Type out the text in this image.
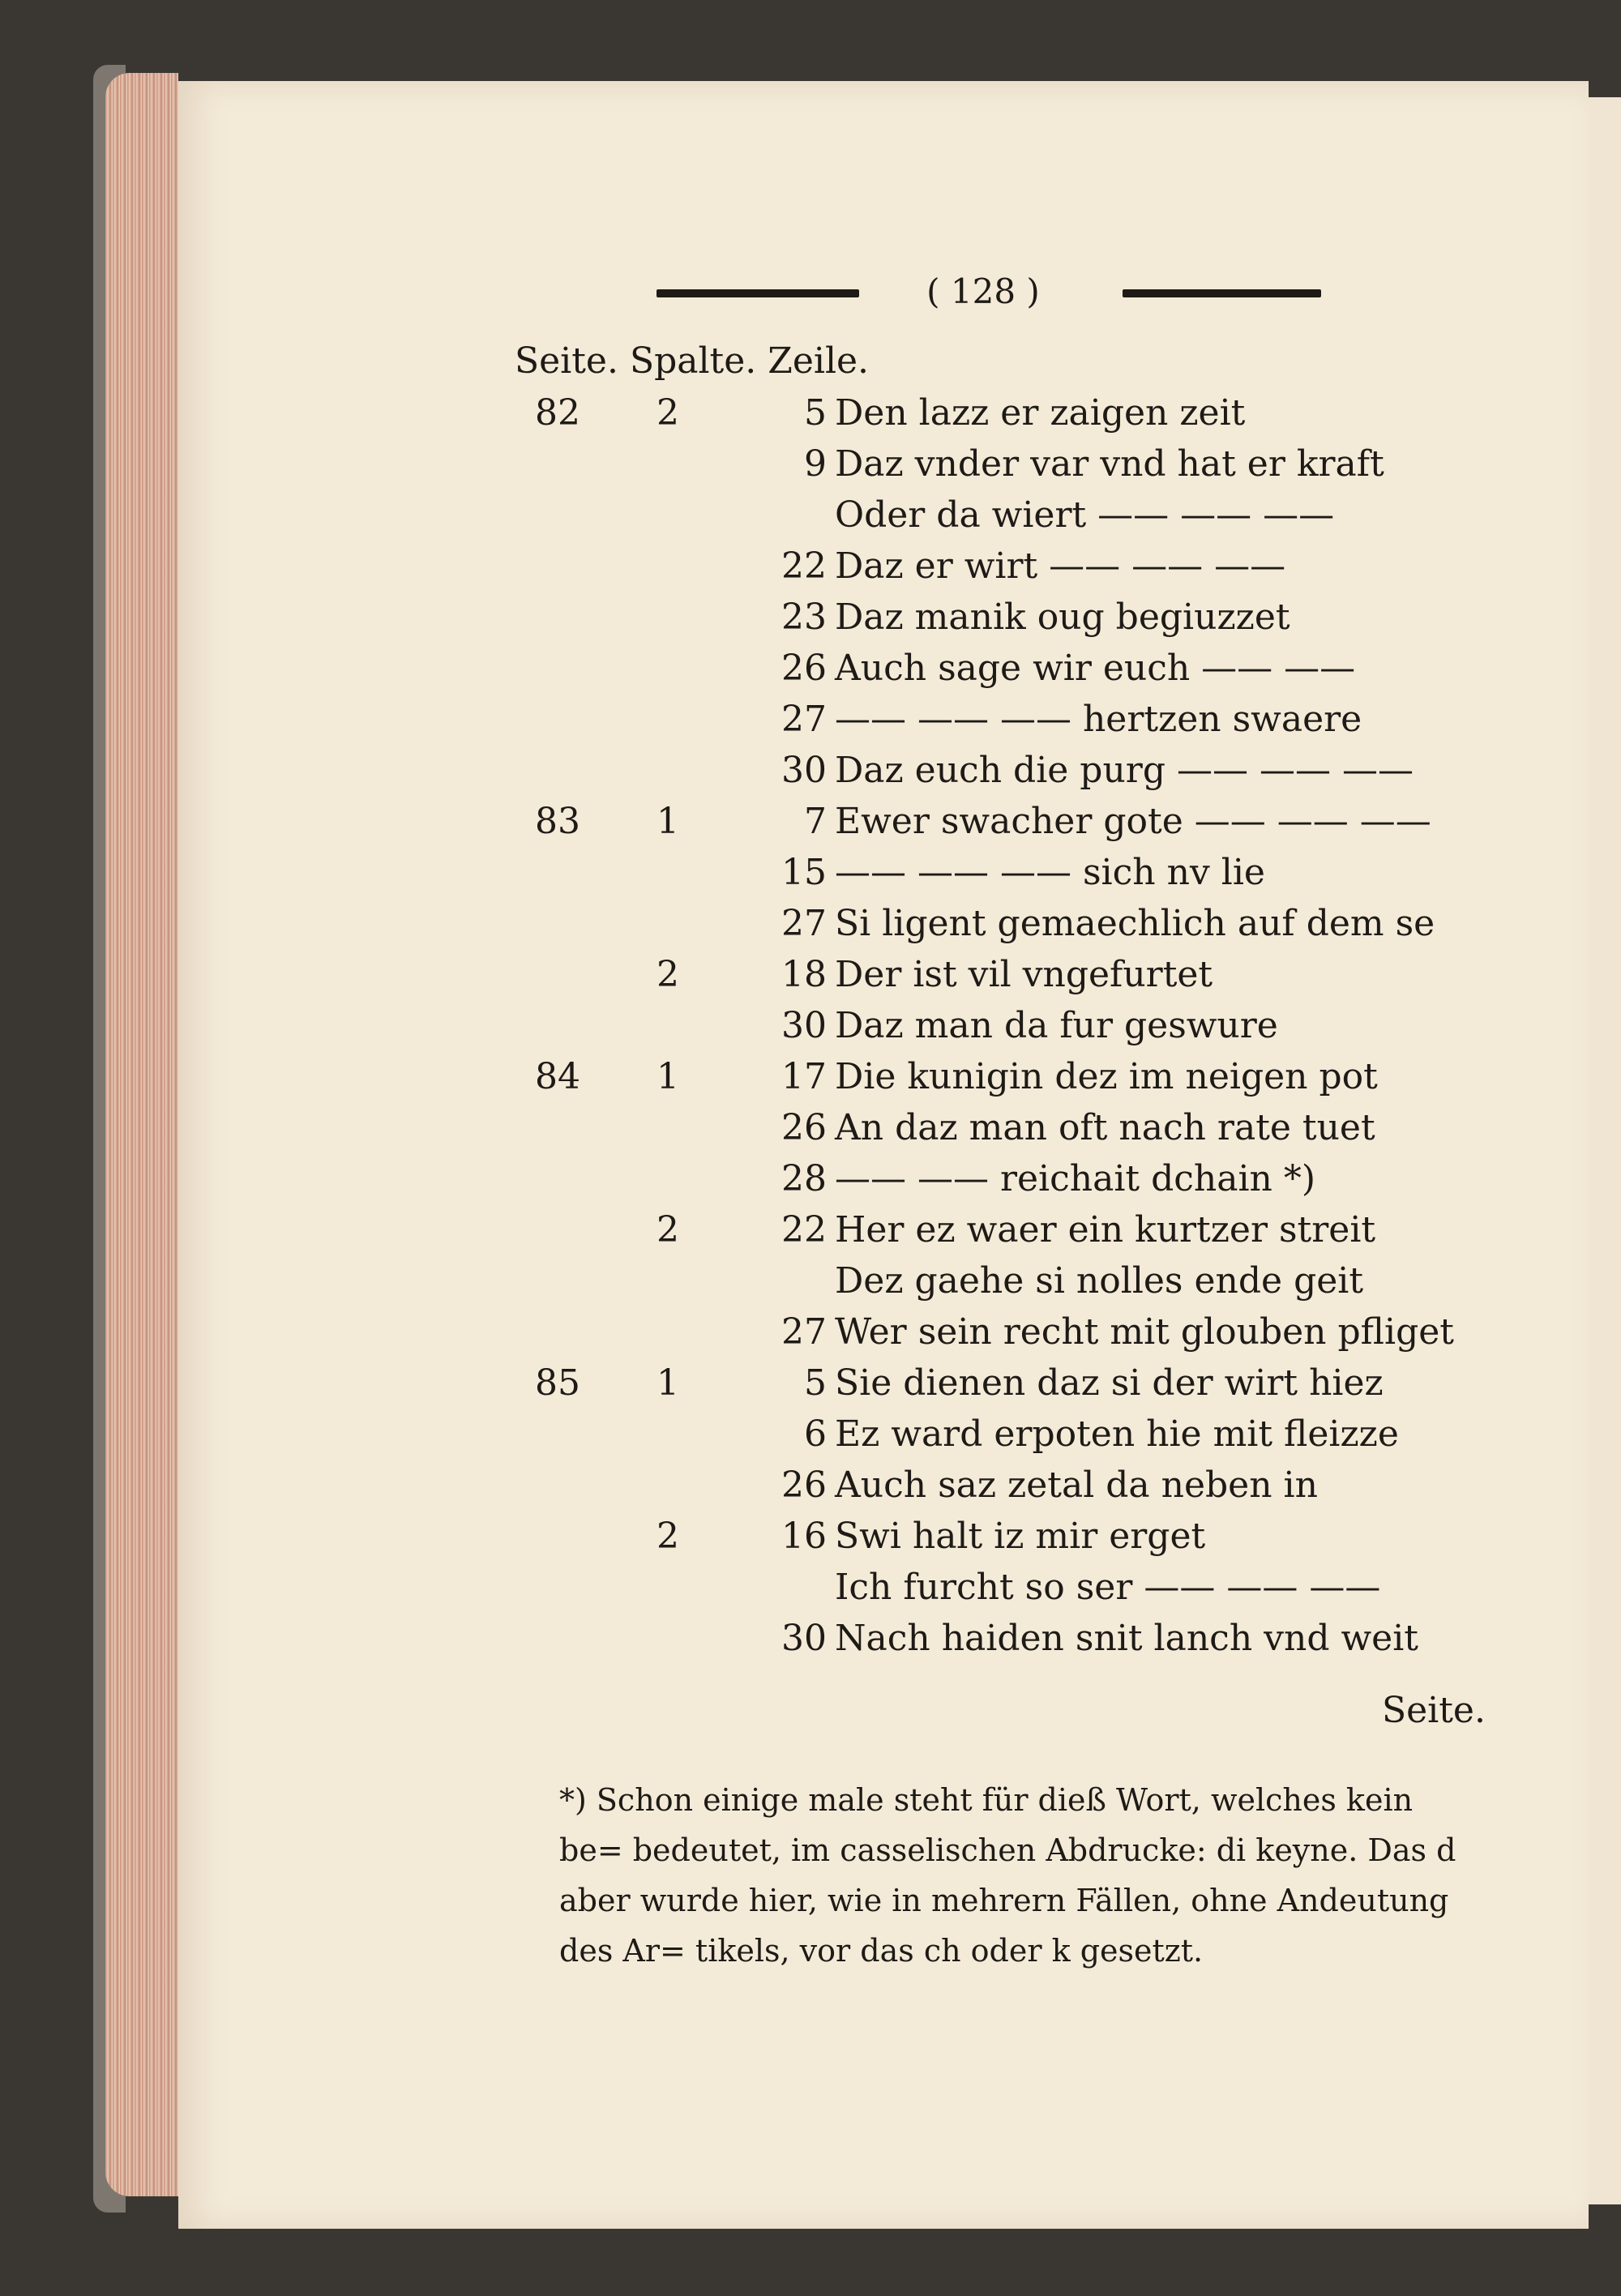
( 128 )
Seite. Spalte. Zeile.
82 2	5 Den lazz er zaigen zeit
9 Daz vnder var vnd hat er kraft
Oder da wiert —— —— ——
22 Daz er wirt —— —— ——
23 Daz manik oug begiuzzet
26 Auch sage wir euch —— ——
27 —— —— —— hertzen swaere
30 Daz euch die purg —— —— ——
83 1	7 Ewer swacher gote —— —— ——
15 —— —— —— sich nv lie
27 Si ligent gemaechlich auf dem se
2	18 Der ist vil vngefurtet
30 Daz man da fur geswure
84 1	17 Die kunigin dez im neigen pot
26 An daz man oft nach rate tuet
28 —— —— reichait dchain *)
2	22 Her ez waer ein kurtzer streit
Dez gaehe si nolles ende geit
27 Wer sein recht mit glouben pfliget
85 1	5 Sie dienen daz si der wirt hiez
6 Ez ward erpoten hie mit fleizze
26 Auch saz zetal da neben in
2	16 Swi halt iz mir erget
Ich furcht so ser —— —— ——
30 Nach haiden snit lanch vnd weit
Seite.
*) Schon einige male steht für dieß Wort, welches kein be= bedeutet, im casselischen Abdrucke: di keyne. Das d aber wurde hier, wie in mehrern Fällen, ohne Andeutung des Ar= tikels, vor das ch oder k gesetzt.
